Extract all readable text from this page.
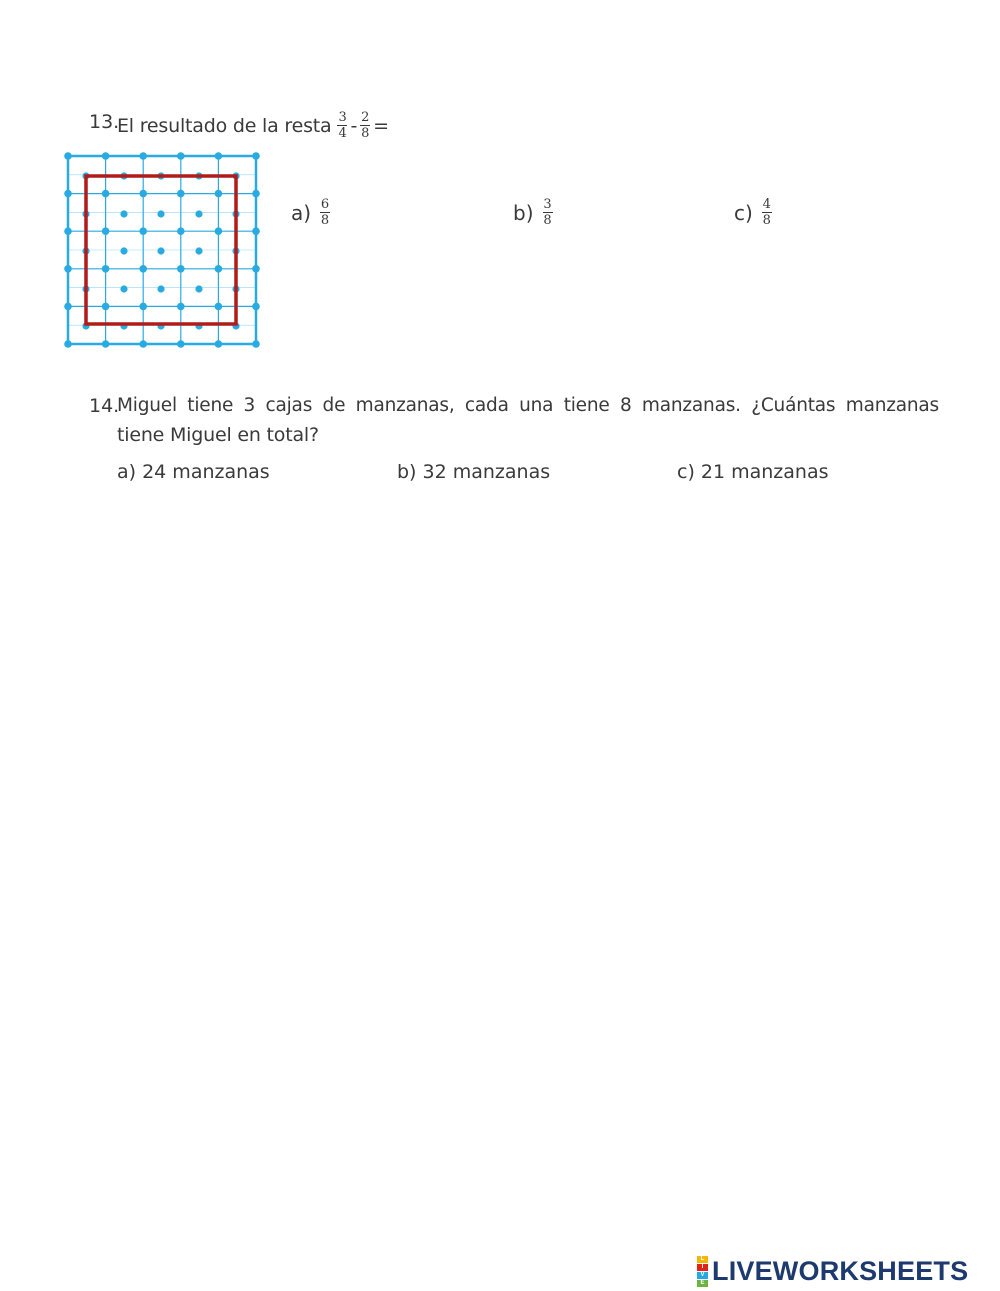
13.
El resultado de la resta $\frac{3}{4} - \frac{2}{8}$ =
$a) \frac{6}{8}$	$b) \frac{3}{8}$	$c) \frac{4}{8}$
14.
Miguel tiene 3 cajas de manzanas, cada una tiene 8 manzanas. ¿Cuántas manzanas
tiene Miguel en total?
a) 24 manzanas	b) 32 manzanas	c) 21 manzanas
L
I
V
E LIVEWORKSHEETS
